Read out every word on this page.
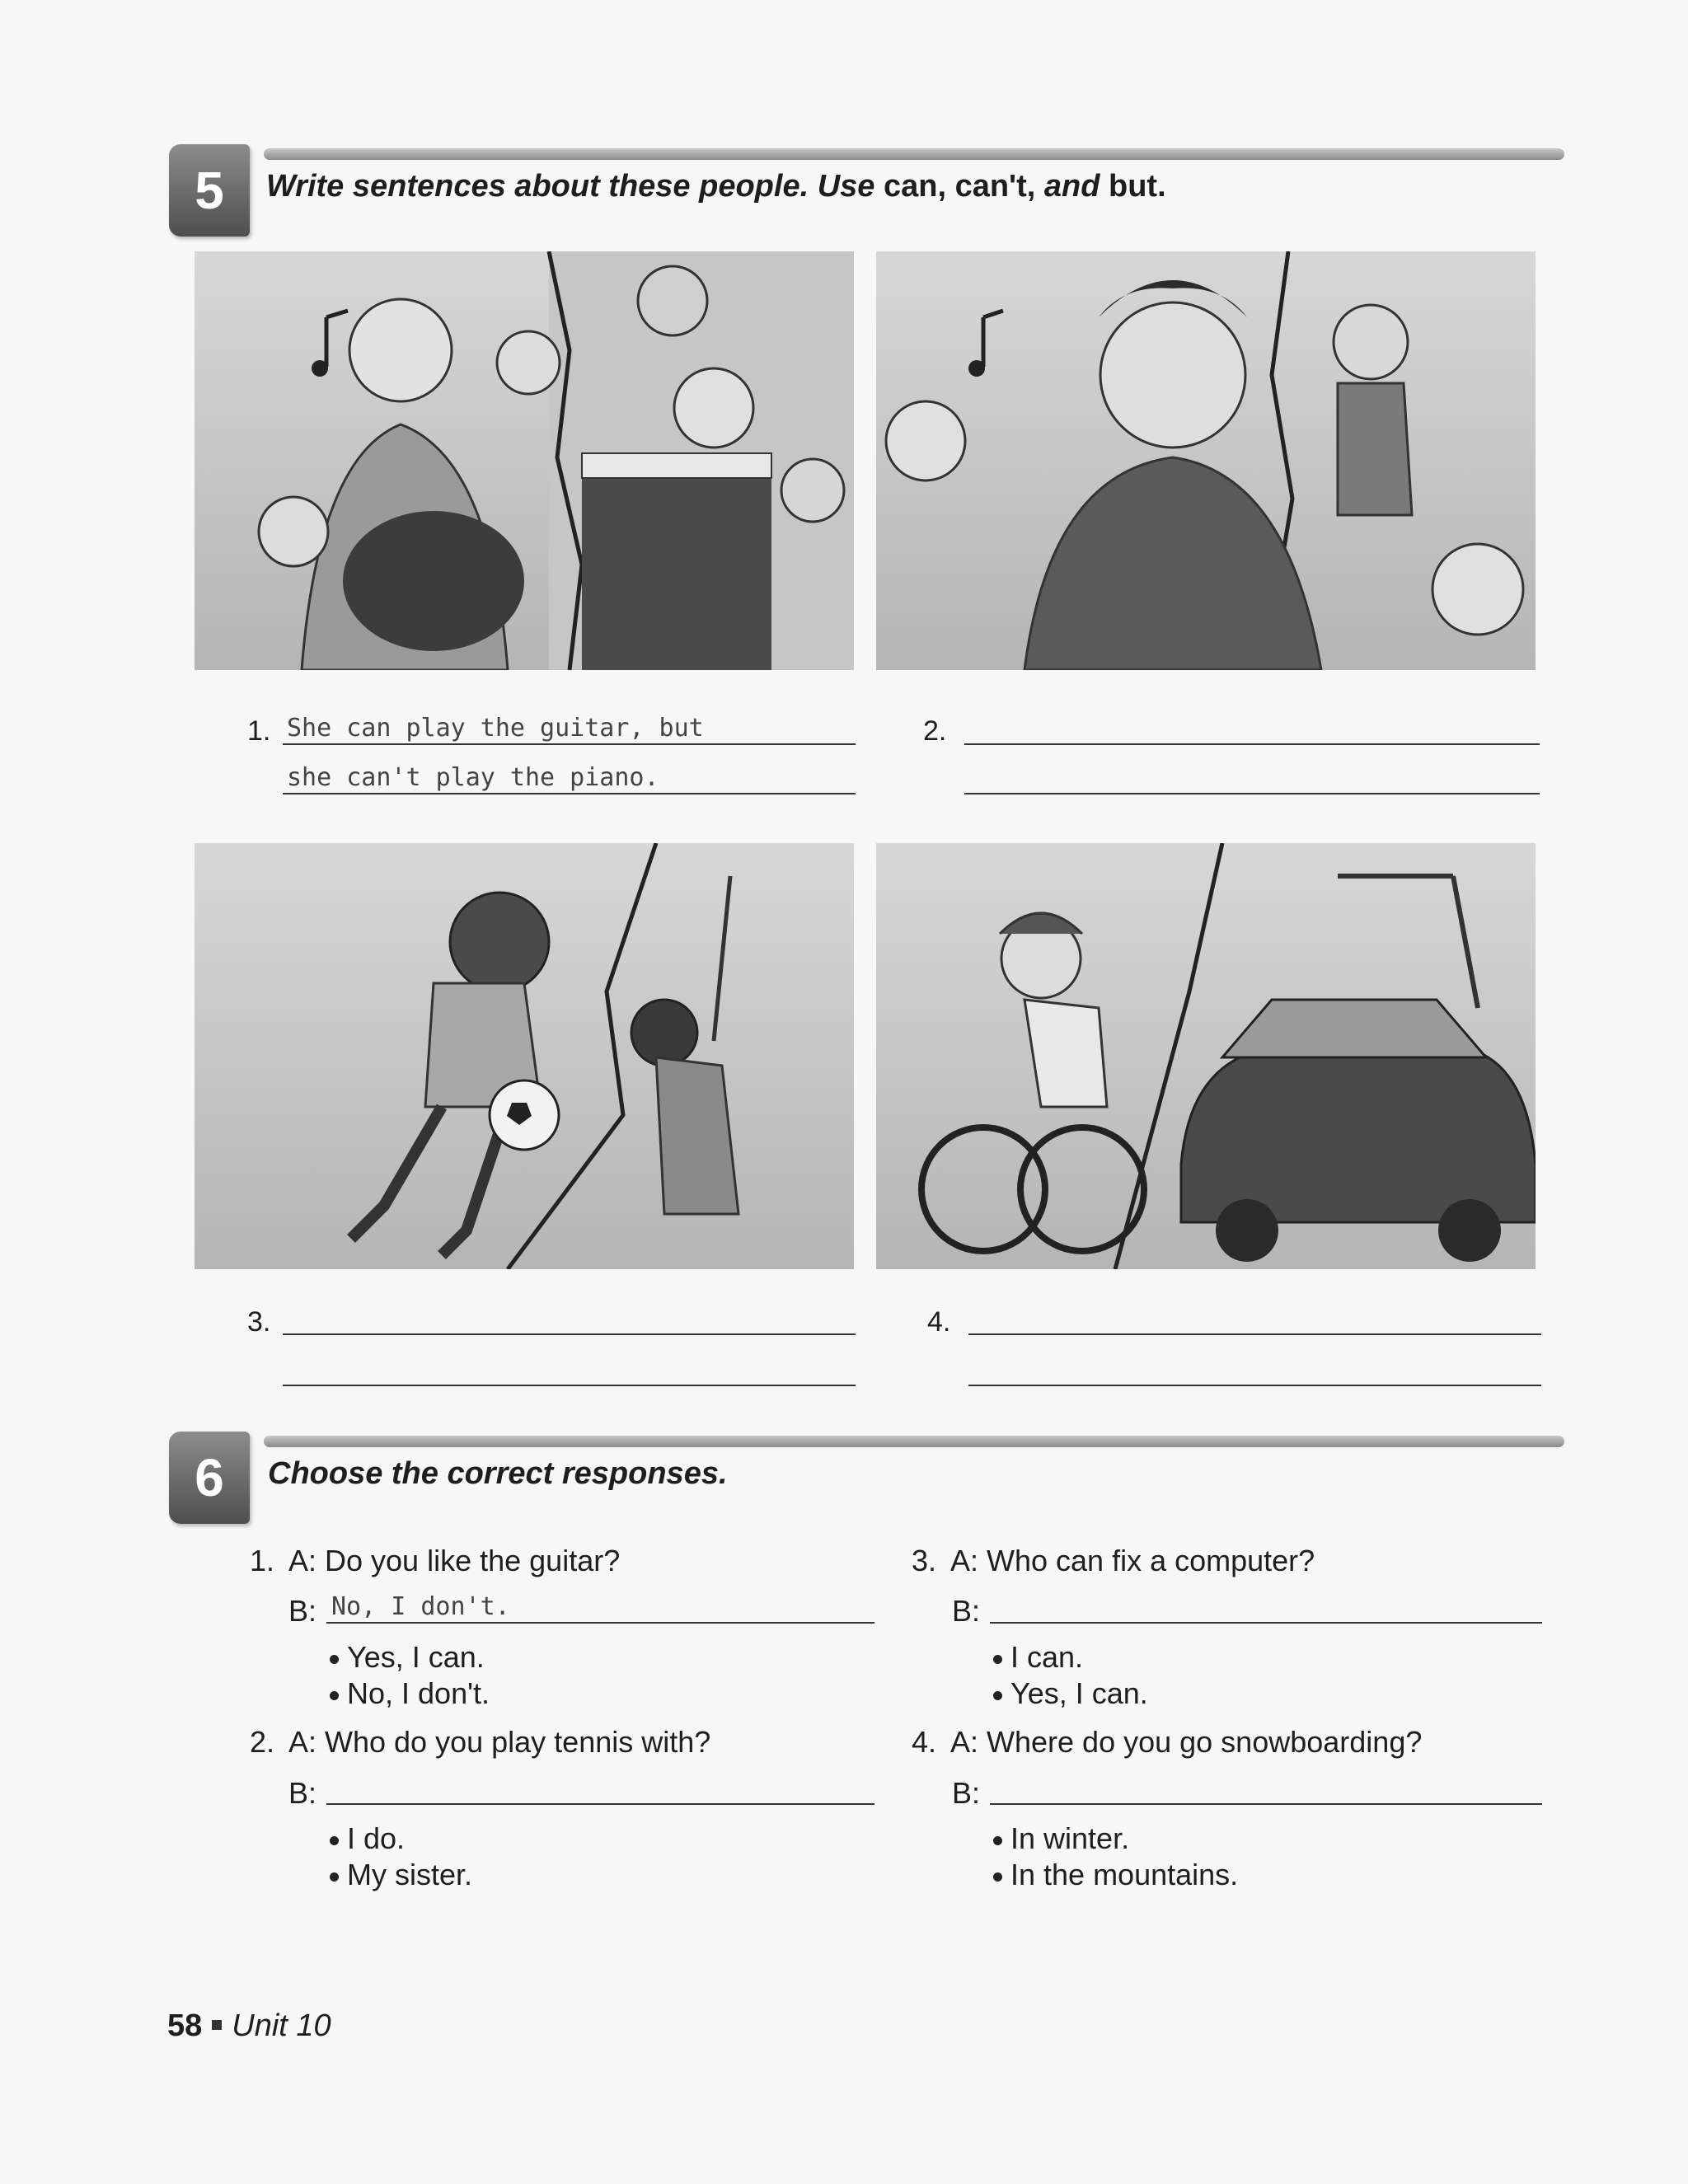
5	Write sentences about these people. Use can, can't, and but.
1. She can play the guitar, but
she can't play the piano.
2.
3.	4.
6	Choose the correct responses.
1. A: Do you like the guitar?
B: No, I don't.
Yes, I can.
No, I don't.
2. A: Who do you play tennis with?
B:
I do.
My sister.
3. A: Who can fix a computer?
B:
I can.
Yes, I can.
4. A: Where do you go snowboarding?
B:
In winter.
In the mountains.
58 Unit 10
